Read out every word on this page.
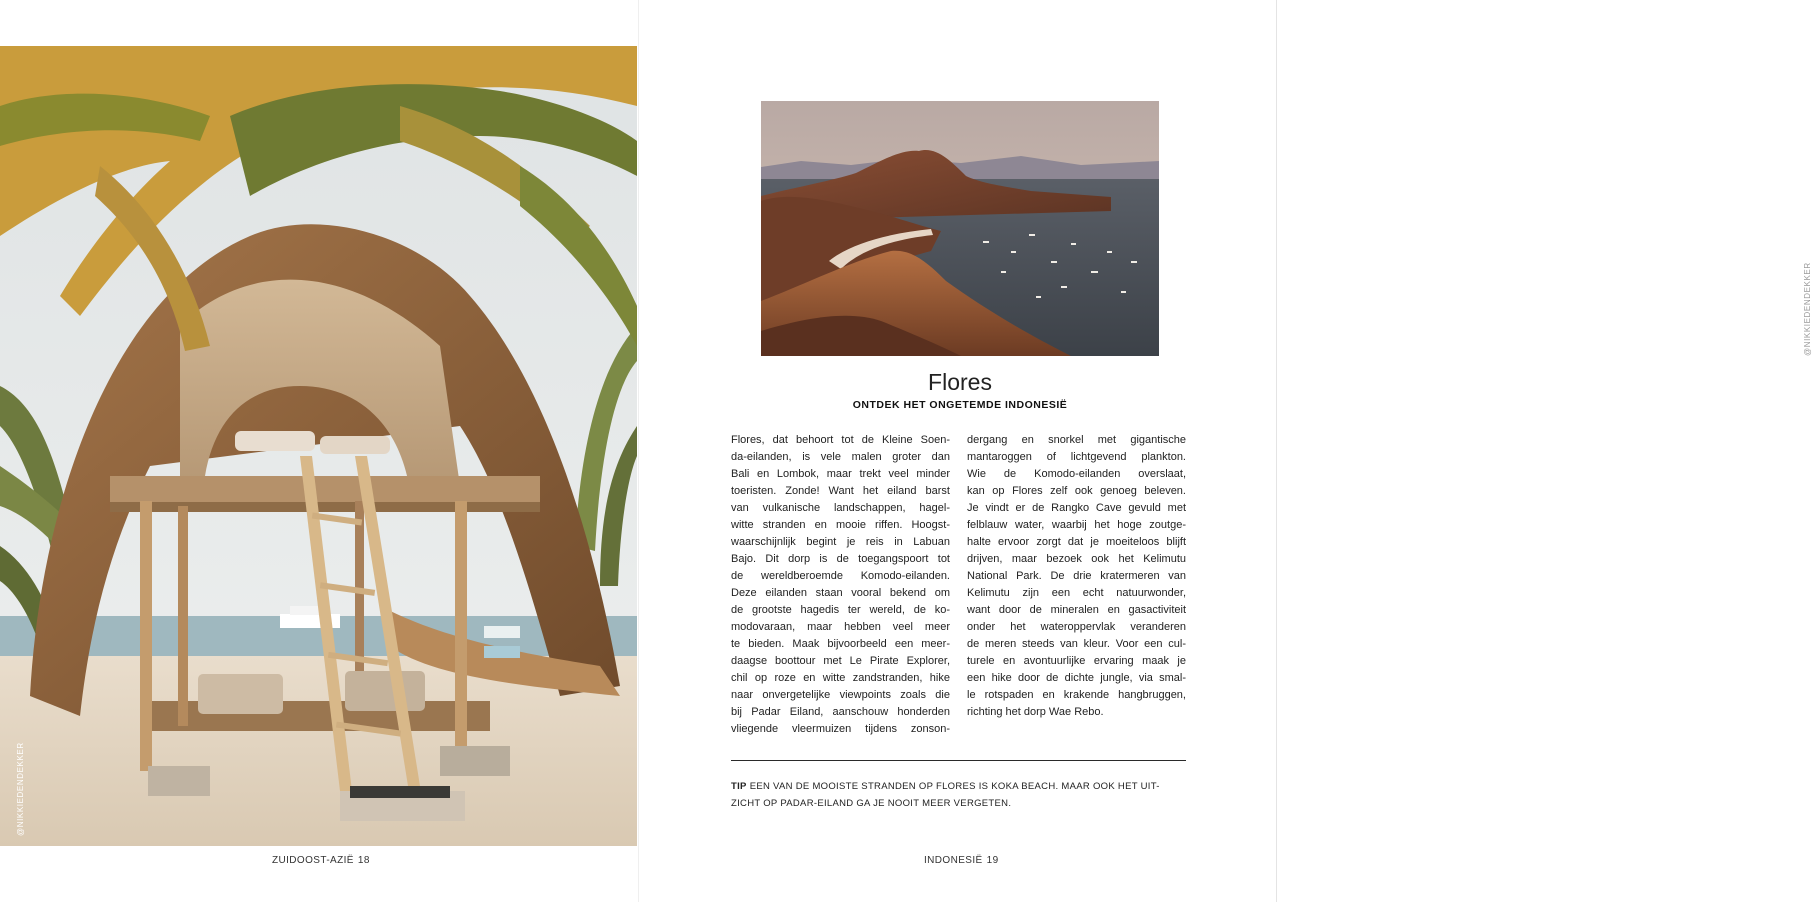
@NIKKIEDENDEKKER
ZUIDOOST-AZIË 18
@NIKKIEDENDEKKER
Flores
ONTDEK HET ONGETEMDE INDONESIË
Flores, dat behoort tot de Kleine Soen-
da-eilanden, is vele malen groter dan
Bali en Lombok, maar trekt veel minder
toeristen. Zonde! Want het eiland barst
van vulkanische landschappen, hagel-
witte stranden en mooie riffen. Hoogst-
waarschijnlijk begint je reis in Labuan
Bajo. Dit dorp is de toegangspoort tot
de wereldberoemde Komodo-eilanden.
Deze eilanden staan vooral bekend om
de grootste hagedis ter wereld, de ko-
modovaraan, maar hebben veel meer
te bieden. Maak bijvoorbeeld een meer-
daagse boottour met Le Pirate Explorer,
chil op roze en witte zandstranden, hike
naar onvergetelijke viewpoints zoals die
bij Padar Eiland, aanschouw honderden
vliegende vleermuizen tijdens zonson-
dergang en snorkel met gigantische
mantaroggen of lichtgevend plankton.
Wie de Komodo-eilanden overslaat,
kan op Flores zelf ook genoeg beleven.
Je vindt er de Rangko Cave gevuld met
felblauw water, waarbij het hoge zoutge-
halte ervoor zorgt dat je moeiteloos blijft
drijven, maar bezoek ook het Kelimutu
National Park. De drie kratermeren van
Kelimutu zijn een echt natuurwonder,
want door de mineralen en gasactiviteit
onder het wateroppervlak veranderen
de meren steeds van kleur. Voor een cul-
turele en avontuurlijke ervaring maak je
een hike door de dichte jungle, via smal-
le rotspaden en krakende hangbruggen,
richting het dorp Wae Rebo.
TIP EEN VAN DE MOOISTE STRANDEN OP FLORES IS KOKA BEACH. MAAR OOK HET UIT-
ZICHT OP PADAR-EILAND GA JE NOOIT MEER VERGETEN.
INDONESIË 19
